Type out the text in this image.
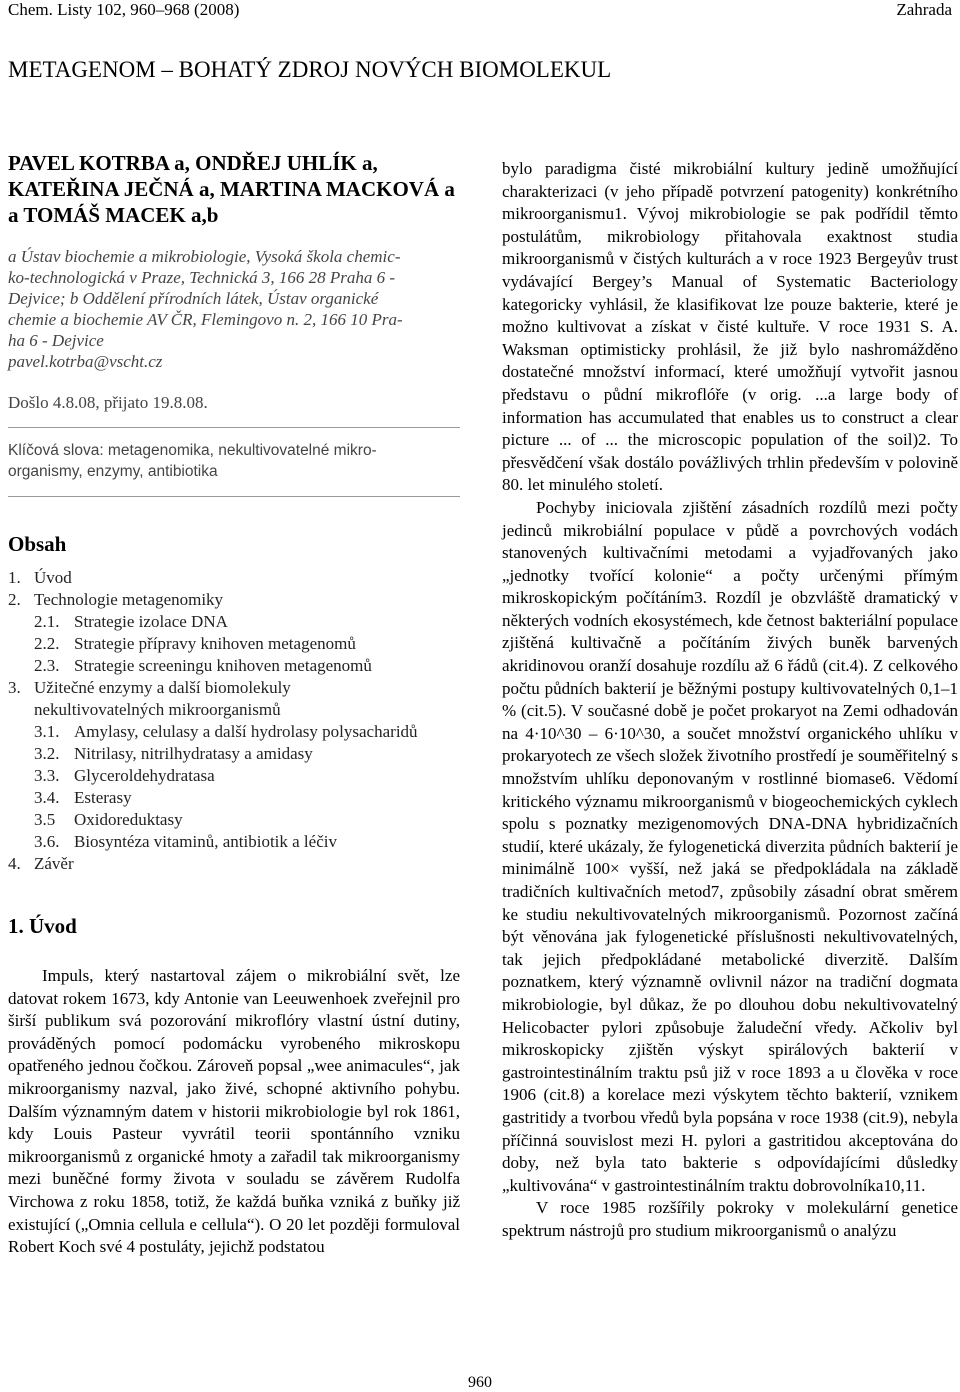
Chem. Listy 102, 960–968 (2008)	Zahrada
METAGENOM – BOHATÝ ZDROJ NOVÝCH BIOMOLEKUL
PAVEL KOTRBA a, ONDŘEJ UHLÍK a,
KATEŘINA JEČNÁ a, MARTINA MACKOVÁ a
a TOMÁŠ MACEK a,b
a Ústav biochemie a mikrobiologie, Vysoká škola chemic-
ko-technologická v Praze, Technická 3, 166 28 Praha 6 -
Dejvice; b Oddělení přírodních látek, Ústav organické
chemie a biochemie AV ČR, Flemingovo n. 2, 166 10 Pra-
ha 6 - Dejvice
pavel.kotrba@vscht.cz
Došlo 4.8.08, přijato 19.8.08.
Klíčová slova: metagenomika, nekultivovatelné mikro-
organismy, enzymy, antibiotika
Obsah
1. Úvod
2. Technologie metagenomiky
2.1. Strategie izolace DNA
2.2. Strategie přípravy knihoven metagenomů
2.3. Strategie screeningu knihoven metagenomů
3. Užitečné enzymy a další biomolekuly
nekultivovatelných mikroorganismů
3.1. Amylasy, celulasy a další hydrolasy polysacharidů
3.2. Nitrilasy, nitrilhydratasy a amidasy
3.3. Glyceroldehydratasa
3.4. Esterasy
3.5	Oxidoreduktasy
3.6. Biosyntéza vitaminů, antibiotik a léčiv
4. Závěr
1. Úvod

Impuls, který nastartoval zájem o mikrobiální svět, lze datovat rokem 1673, kdy Antonie van Leeuwenhoek zveřejnil pro širší publikum svá pozorování mikroflóry vlastní ústní dutiny, prováděných pomocí podomácku vyrobeného mikroskopu opatřeného jednou čočkou. Zároveň popsal „wee animacules“, jak mikroorganismy nazval, jako živé, schopné aktivního pohybu. Dalším významným datem v historii mikrobiologie byl rok 1861, kdy Louis Pasteur vyvrátil teorii spontánního vzniku mikroorganismů z organické hmoty a zařadil tak mikroorganismy mezi buněčné formy života v souladu se závěrem Rudolfa Virchowa z roku 1858, totiž, že každá buňka vzniká z buňky již existující („Omnia cellula e cellula“). O 20 let později formuloval Robert Koch své 4 postuláty, jejichž podstatou

bylo paradigma čisté mikrobiální kultury jedině umožňující charakterizaci (v jeho případě potvrzení patogenity) konkrétního mikroorganismu1. Vývoj mikrobiologie se pak podřídil těmto postulátům, mikrobiology přitahovala exaktnost studia mikroorganismů v čistých kulturách a v roce 1923 Bergeyův trust vydávající Bergey’s Manual of Systematic Bacteriology kategoricky vyhlásil, že klasifikovat lze pouze bakterie, které je možno kultivovat a získat v čisté kultuře. V roce 1931 S. A. Waksman optimisticky prohlásil, že již bylo nashromážděno dostatečné množství informací, které umožňují vytvořit jasnou představu o půdní mikroflóře (v orig. ...a large body of information has accumulated that enables us to construct a clear picture ... of ... the microscopic population of the soil)2. To přesvědčení však dostálo povážlivých trhlin především v polovině 80. let minulého století.

Pochyby iniciovala zjištění zásadních rozdílů mezi počty jedinců mikrobiální populace v půdě a povrchových vodách stanovených kultivačními metodami a vyjadřovaných jako „jednotky tvořící kolonie“ a počty určenými přímým mikroskopickým počítáním3. Rozdíl je obzvláště dramatický v některých vodních ekosystémech, kde četnost bakteriální populace zjištěná kultivačně a počítáním živých buněk barvených akridinovou oranží dosahuje rozdílu až 6 řádů (cit.4). Z celkového počtu půdních bakterií je běžnými postupy kultivovatelných 0,1–1 % (cit.5). V současné době je počet prokaryot na Zemi odhadován na 4·10^30 – 6·10^30, a součet množství organického uhlíku v prokaryotech ze všech složek životního prostředí je souměřitelný s množstvím uhlíku deponovaným v rostlinné biomase6. Vědomí kritického významu mikroorganismů v biogeochemických cyklech spolu s poznatky mezigenomových DNA-DNA hybridizačních studií, které ukázaly, že fylogenetická diverzita půdních bakterií je minimálně 100× vyšší, než jaká se předpokládala na základě tradičních kultivačních metod7, způsobily zásadní obrat směrem ke studiu nekultivovatelných mikroorganismů. Pozornost začíná být věnována jak fylogenetické příslušnosti nekultivovatelných, tak jejich předpokládané metabolické diverzitě. Dalším poznatkem, který významně ovlivnil názor na tradiční dogmata mikrobiologie, byl důkaz, že po dlouhou dobu nekultivovatelný Helicobacter pylori způsobuje žaludeční vředy. Ačkoliv byl mikroskopicky zjištěn výskyt spirálových bakterií v gastrointestinálním traktu psů již v roce 1893 a u člověka v roce 1906 (cit.8) a korelace mezi výskytem těchto bakterií, vznikem gastritidy a tvorbou vředů byla popsána v roce 1938 (cit.9), nebyla příčinná souvislost mezi H. pylori a gastritidou akceptována do doby, než byla tato bakterie s odpovídajícími důsledky „kultivována“ v gastrointestinálním traktu dobrovolníka10,11.

V roce 1985 rozšířily pokroky v molekulární genetice spektrum nástrojů pro studium mikroorganismů o analýzu

960
